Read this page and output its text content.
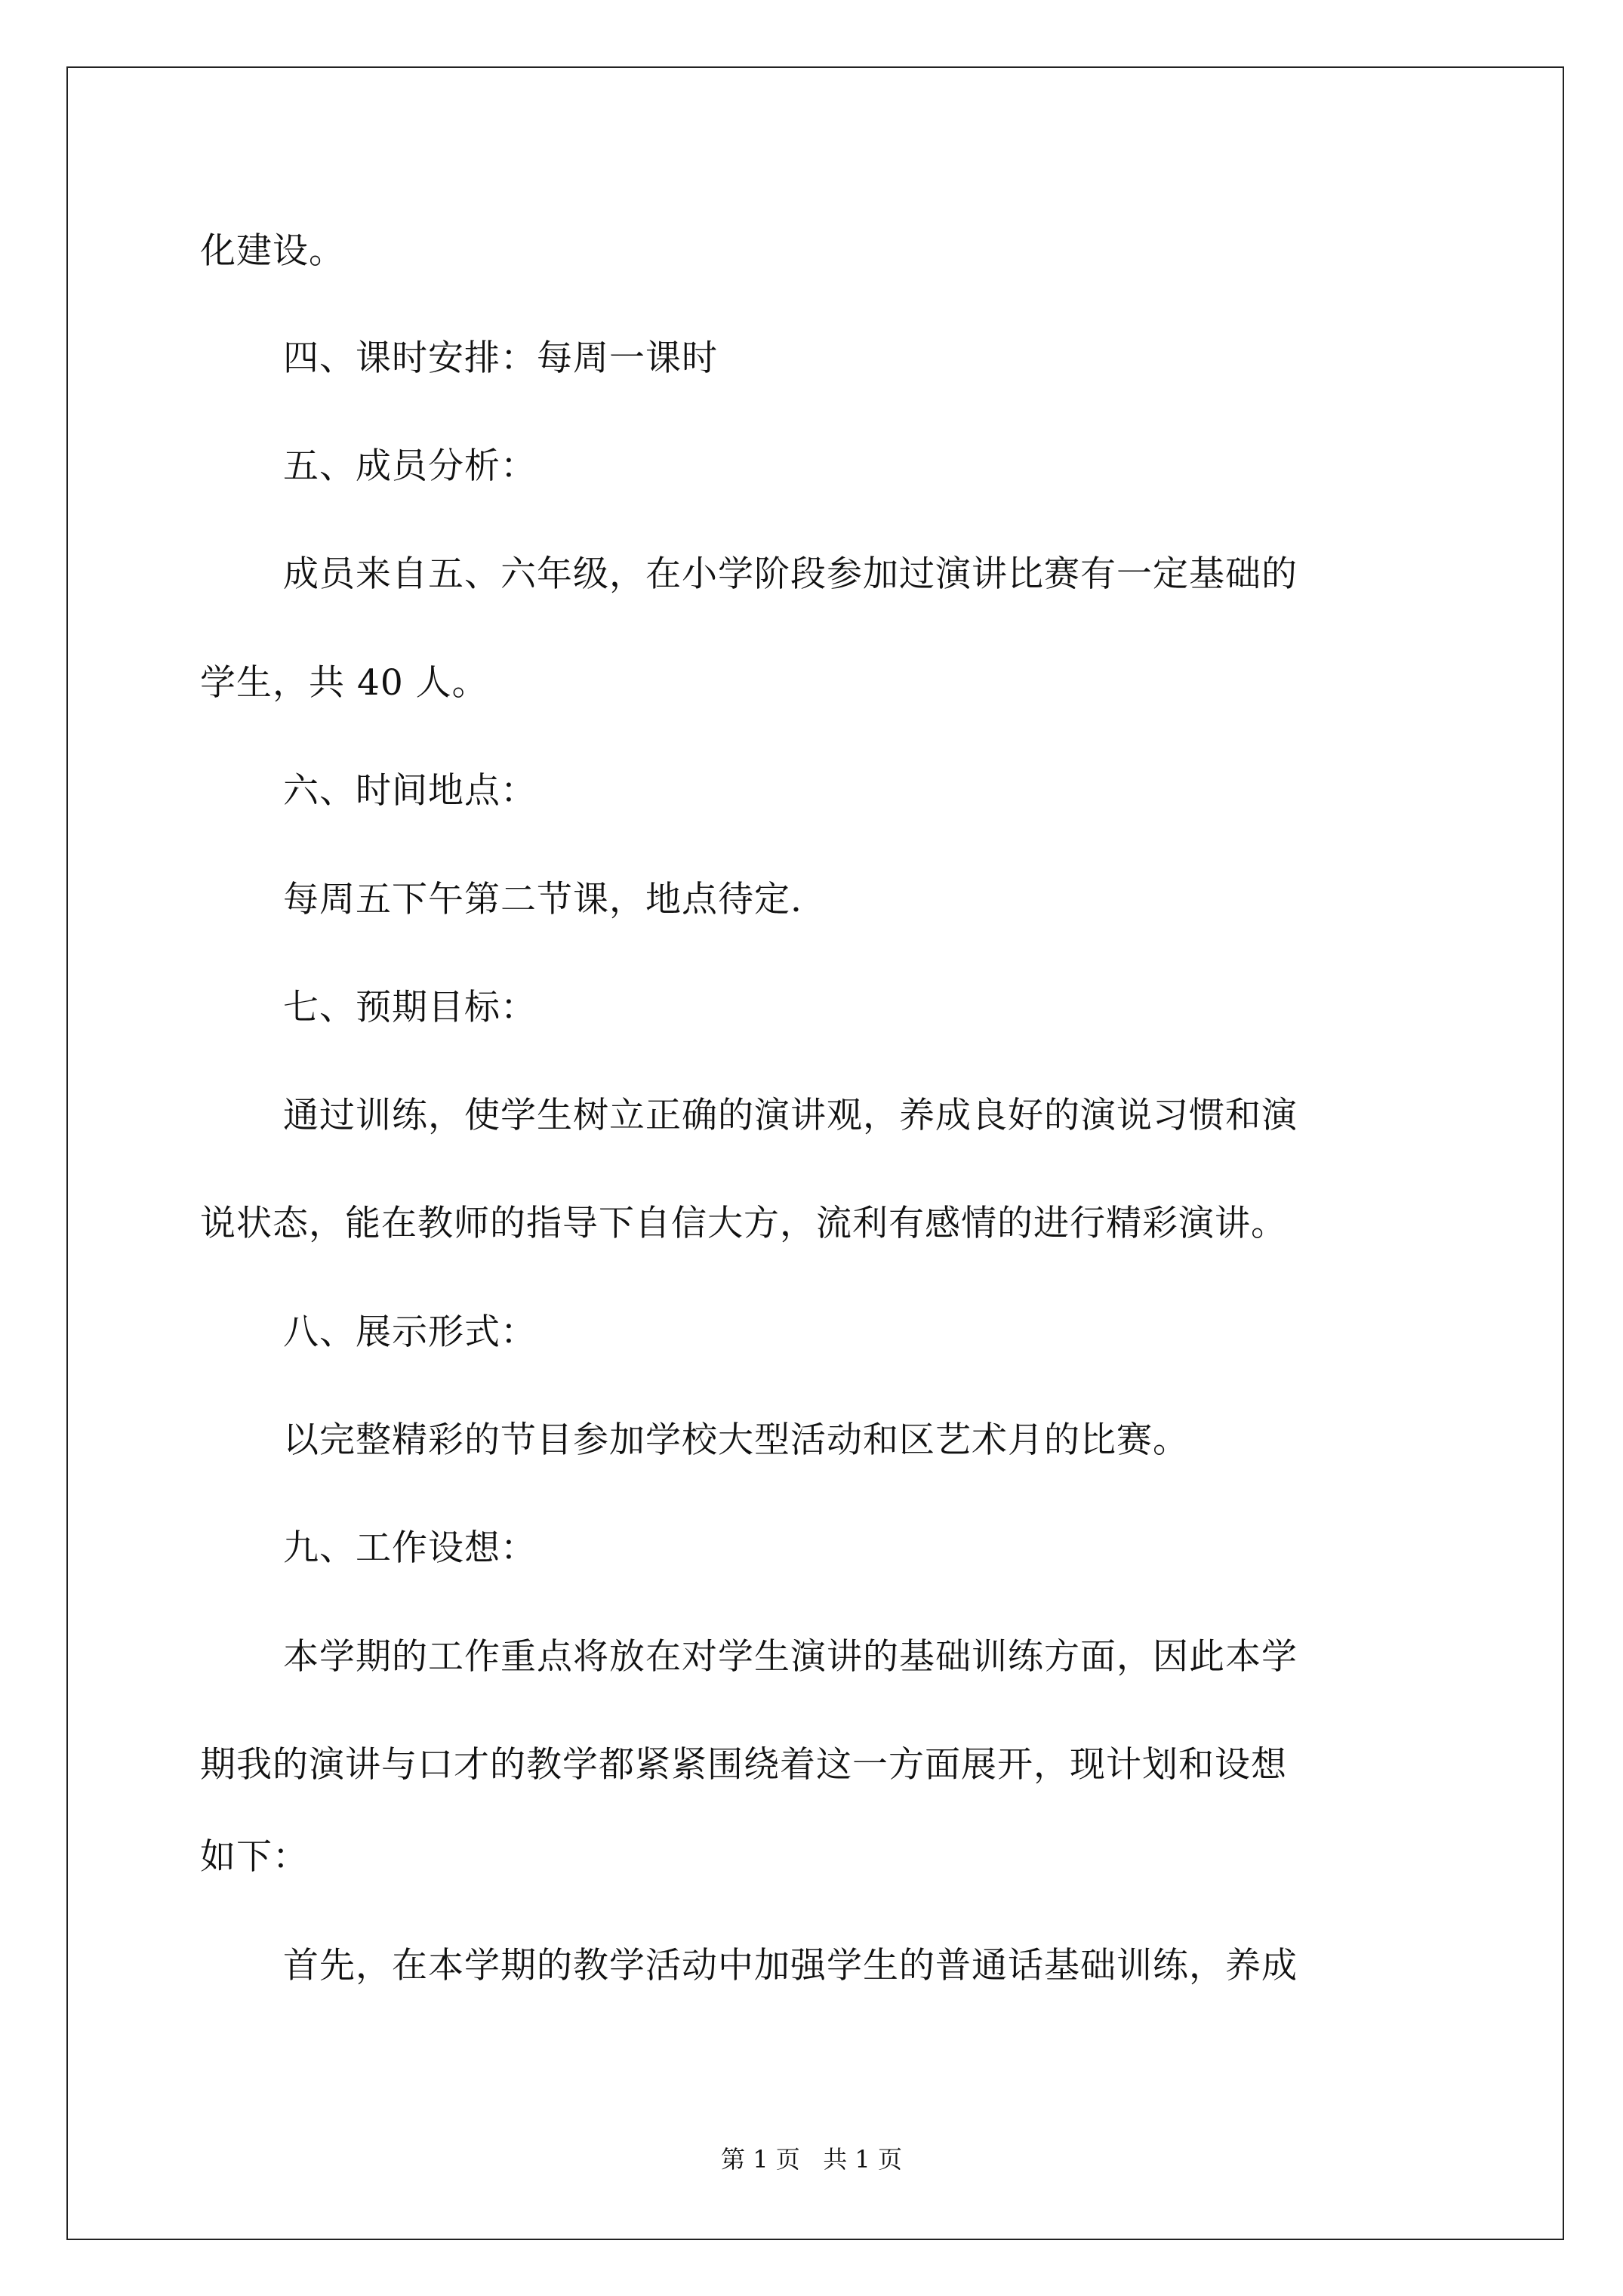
化建设。
四、课时安排：每周一课时
五、成员分析：
成员来自五、六年级，在小学阶段参加过演讲比赛有一定基础的
学生，共 40 人。
六、时间地点：
每周五下午第二节课，地点待定.
七、预期目标：
通过训练，使学生树立正确的演讲观，养成良好的演说习惯和演
说状态，能在教师的指导下自信大方，流利有感情的进行精彩演讲。
八、展示形式：
以完整精彩的节目参加学校大型活动和区艺术月的比赛。
九、工作设想：
本学期的工作重点将放在对学生演讲的基础训练方面，因此本学
期我的演讲与口才的教学都紧紧围绕着这一方面展开，现计划和设想
如下：
首先，在本学期的教学活动中加强学生的普通话基础训练，养成
第 1 页   共 1 页
